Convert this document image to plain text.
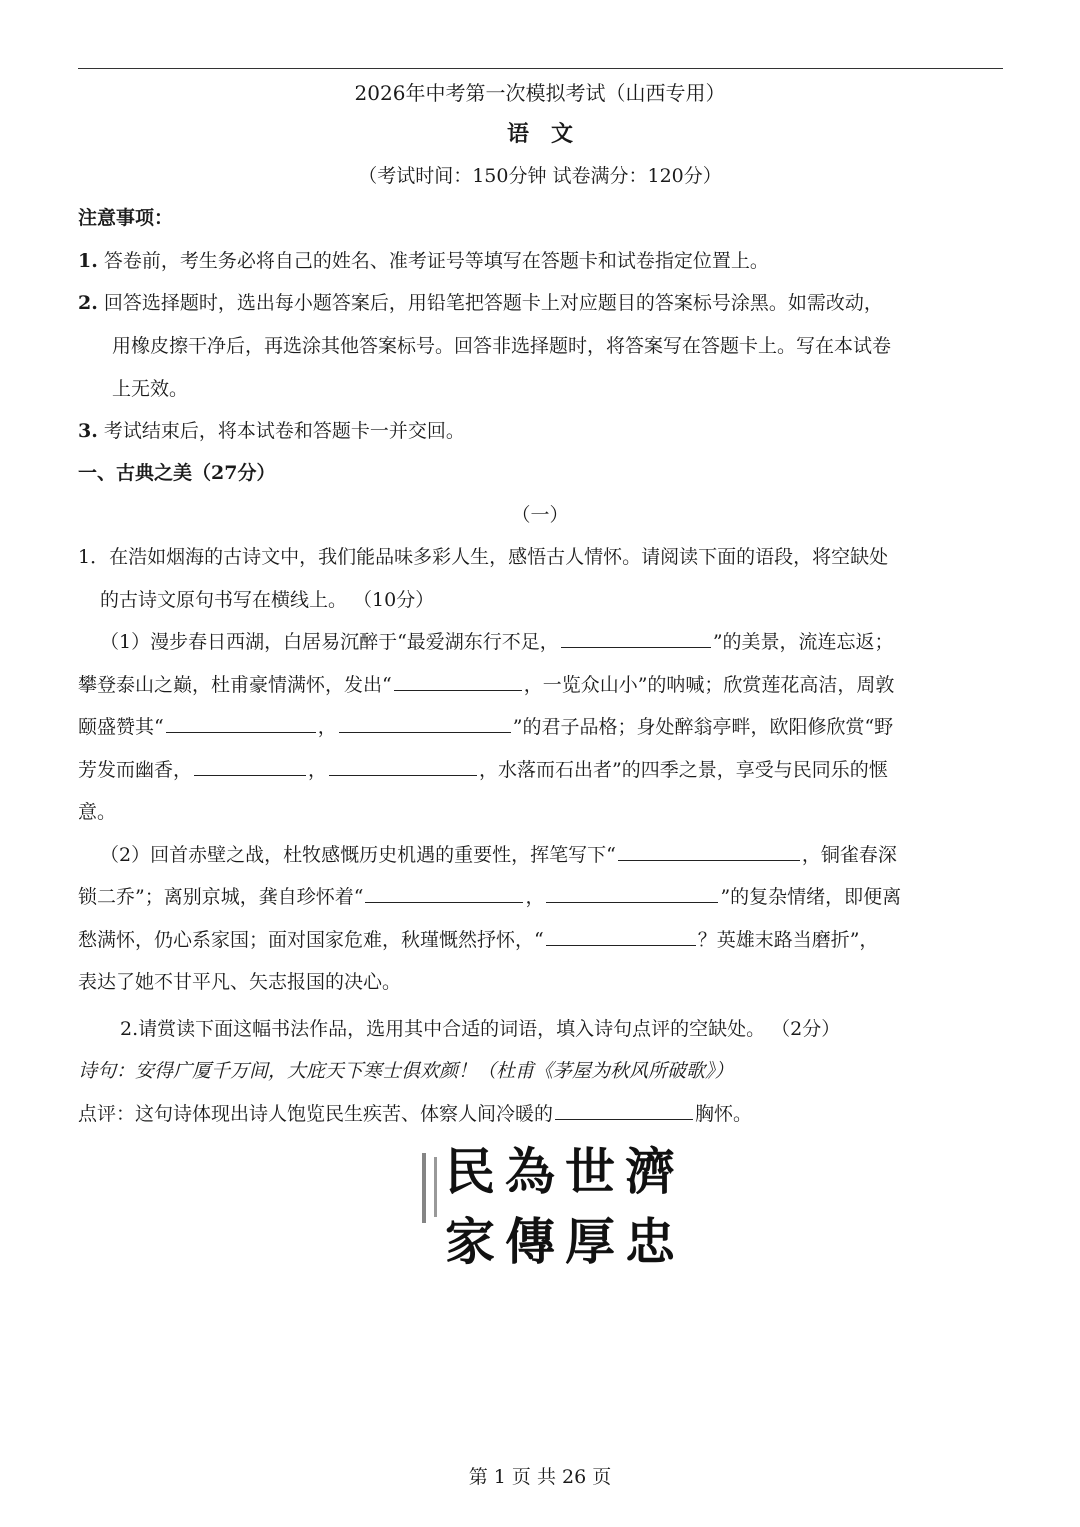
2026年中考第一次模拟考试（山西专用）
语　文
（考试时间：150分钟 试卷满分：120分）
注意事项：
1. 答卷前，考生务必将自己的姓名、准考证号等填写在答题卡和试卷指定位置上。
2. 回答选择题时，选出每小题答案后，用铅笔把答题卡上对应题目的答案标号涂黑。如需改动，
用橡皮擦干净后，再选涂其他答案标号。回答非选择题时，将答案写在答题卡上。写在本试卷
上无效。
3. 考试结束后，将本试卷和答题卡一并交回。
一、古典之美（27分）
（一）
1．在浩如烟海的古诗文中，我们能品味多彩人生，感悟古人情怀。请阅读下面的语段，将空缺处
的古诗文原句书写在横线上。 （10分）
（1）漫步春日西湖，白居易沉醉于“最爱湖东行不足，	”的美景，流连忘返；
攀登泰山之巅，杜甫豪情满怀，发出“	，一览众山小”的呐喊；欣赏莲花高洁，周敦
颐盛赞其“	，	”的君子品格；身处醉翁亭畔，欧阳修欣赏“野
芳发而幽香，	，	，水落而石出者”的四季之景，享受与民同乐的惬
意。
（2）回首赤壁之战，杜牧感慨历史机遇的重要性，挥笔写下“	，铜雀春深
锁二乔”；离别京城，龚自珍怀着“	，	”的复杂情绪，即便离
愁满怀，仍心系家国；面对国家危难，秋瑾慨然抒怀，“	？英雄末路当磨折”，
表达了她不甘平凡、矢志报国的决心。
2.请赏读下面这幅书法作品，选用其中合适的词语，填入诗句点评的空缺处。 （2分）
诗句：安得广厦千万间，大庇天下寒士俱欢颜！（杜甫《茅屋为秋风所破歌》）
点评：这句诗体现出诗人饱览民生疾苦、体察人间冷暖的	胸怀。
濟
世
為
民
忠
厚
傳
家
第 1 页 共 26 页
